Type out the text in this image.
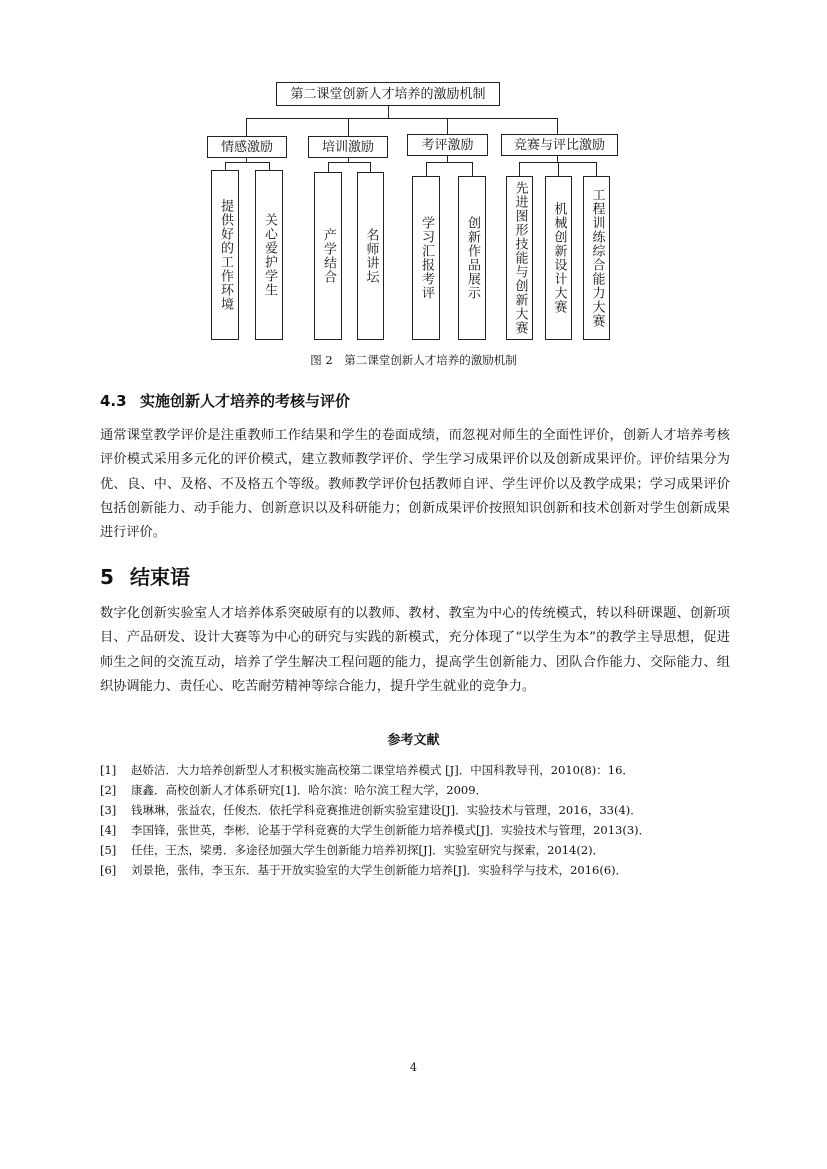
第二课堂创新人才培养的激励机制
情感激励	培训激励	考评激励	竞赛与评比激励
提供好的工作环境 关心爱护学生	产学结合 名师讲坛	学习汇报考评 创新作品展示	先进图形技能与创新大赛 机械创新设计大赛 工程训练综合能力大赛
图 2　第二课堂创新人才培养的激励机制
4.3 实施创新人才培养的考核与评价
通常课堂教学评价是注重教师工作结果和学生的卷面成绩，而忽视对师生的全面性评价，创新人才培养考核评价模式采用多元化的评价模式，建立教师教学评价、学生学习成果评价以及创新成果评价。评价结果分为优、良、中、及格、不及格五个等级。教师教学评价包括教师自评、学生评价以及教学成果；学习成果评价包括创新能力、动手能力、创新意识以及科研能力；创新成果评价按照知识创新和技术创新对学生创新成果进行评价。
5 结束语
数字化创新实验室人才培养体系突破原有的以教师、教材、教室为中心的传统模式，转以科研课题、创新项目、产品研发、设计大赛等为中心的研究与实践的新模式，充分体现了“以学生为本”的教学主导思想，促进师生之间的交流互动，培养了学生解决工程问题的能力，提高学生创新能力、团队合作能力、交际能力、组织协调能力、责任心、吃苦耐劳精神等综合能力，提升学生就业的竞争力。
参考文献
[1] 赵娇洁．大力培养创新型人才积极实施高校第二课堂培养模式 [J]．中国科教导刊，2010(8)：16．
[2] 康鑫．高校创新人才体系研究[1]．哈尔滨：哈尔滨工程大学，2009．
[3] 钱琳琳，张益农，任俊杰．依托学科竞赛推进创新实验室建设[J]．实验技术与管理，2016，33(4)．
[4] 李国锋，张世英，李彬．论基于学科竞赛的大学生创新能力培养模式[J]．实验技术与管理，2013(3)．
[5] 任佳，王杰，梁勇．多途径加强大学生创新能力培养初探[J]．实验室研究与探索，2014(2)．
[6] 刘景艳，张伟，李玉东．基于开放实验室的大学生创新能力培养[J]．实验科学与技术，2016(6)．
4
